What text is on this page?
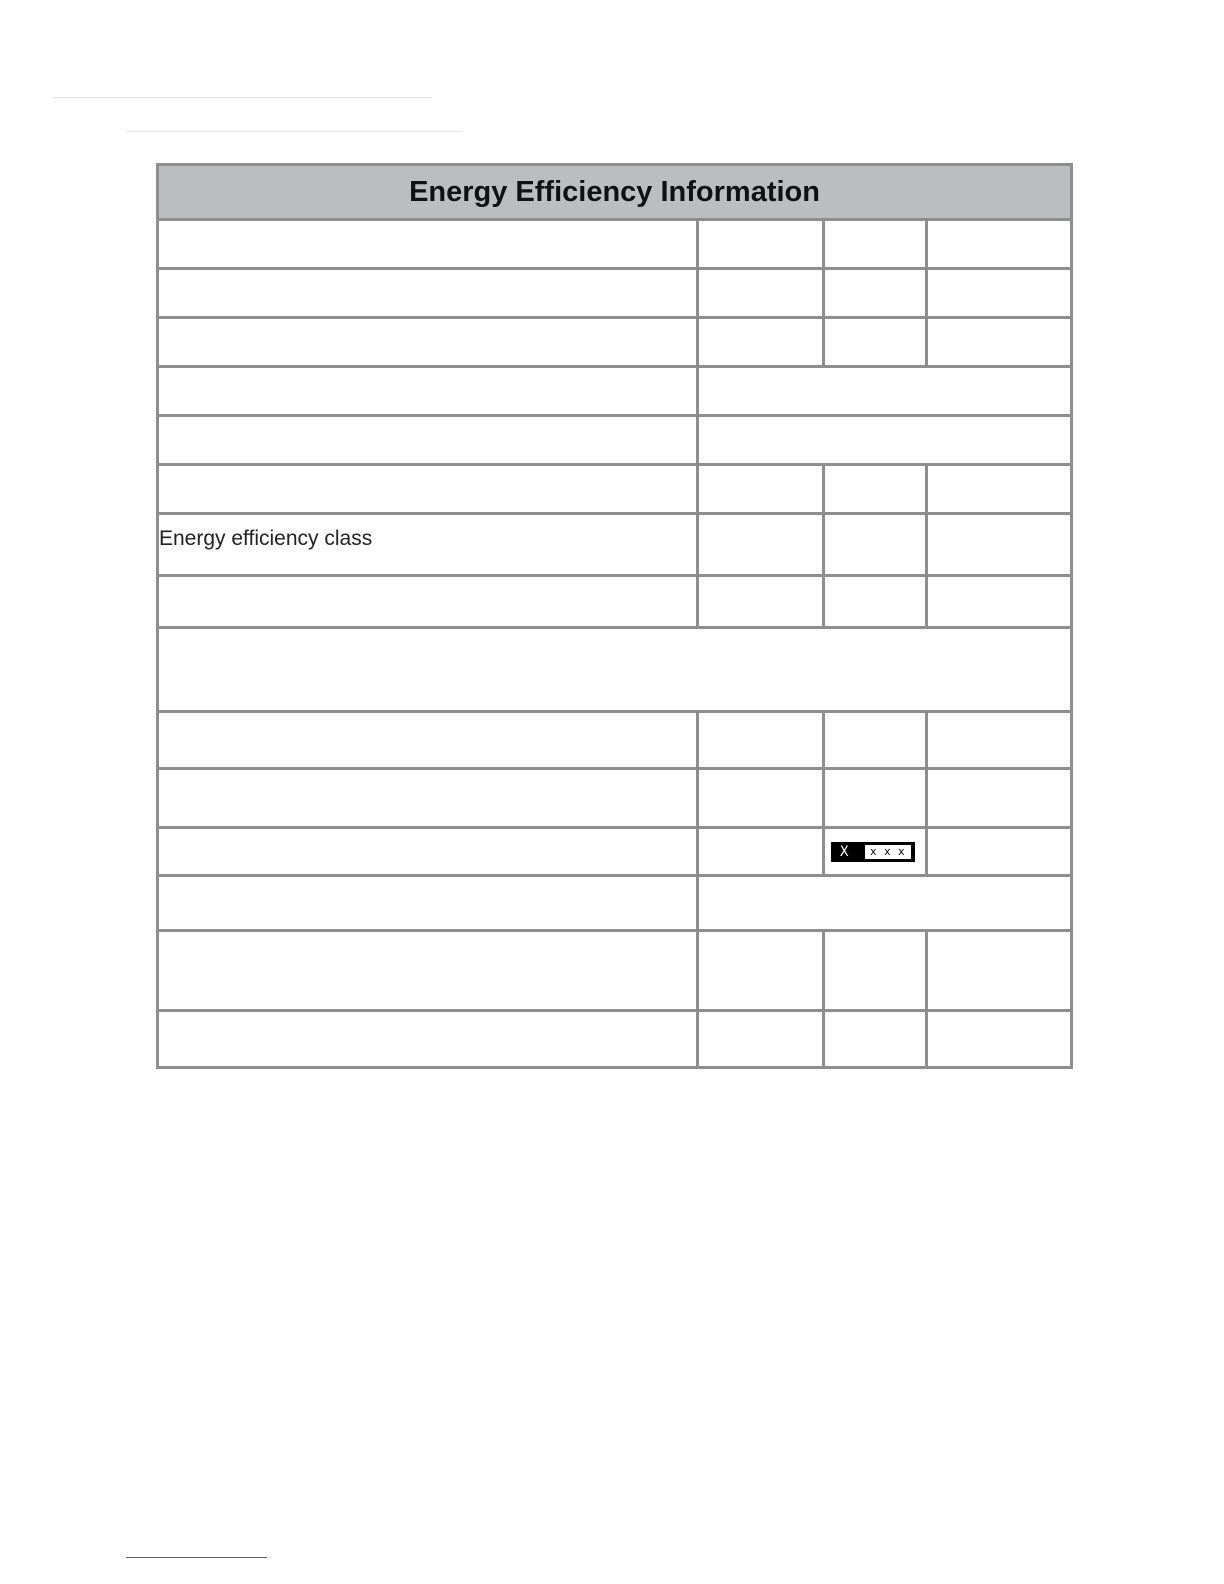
Energy Efficiency Information			

Energy efficiency class			

		X x x x	
